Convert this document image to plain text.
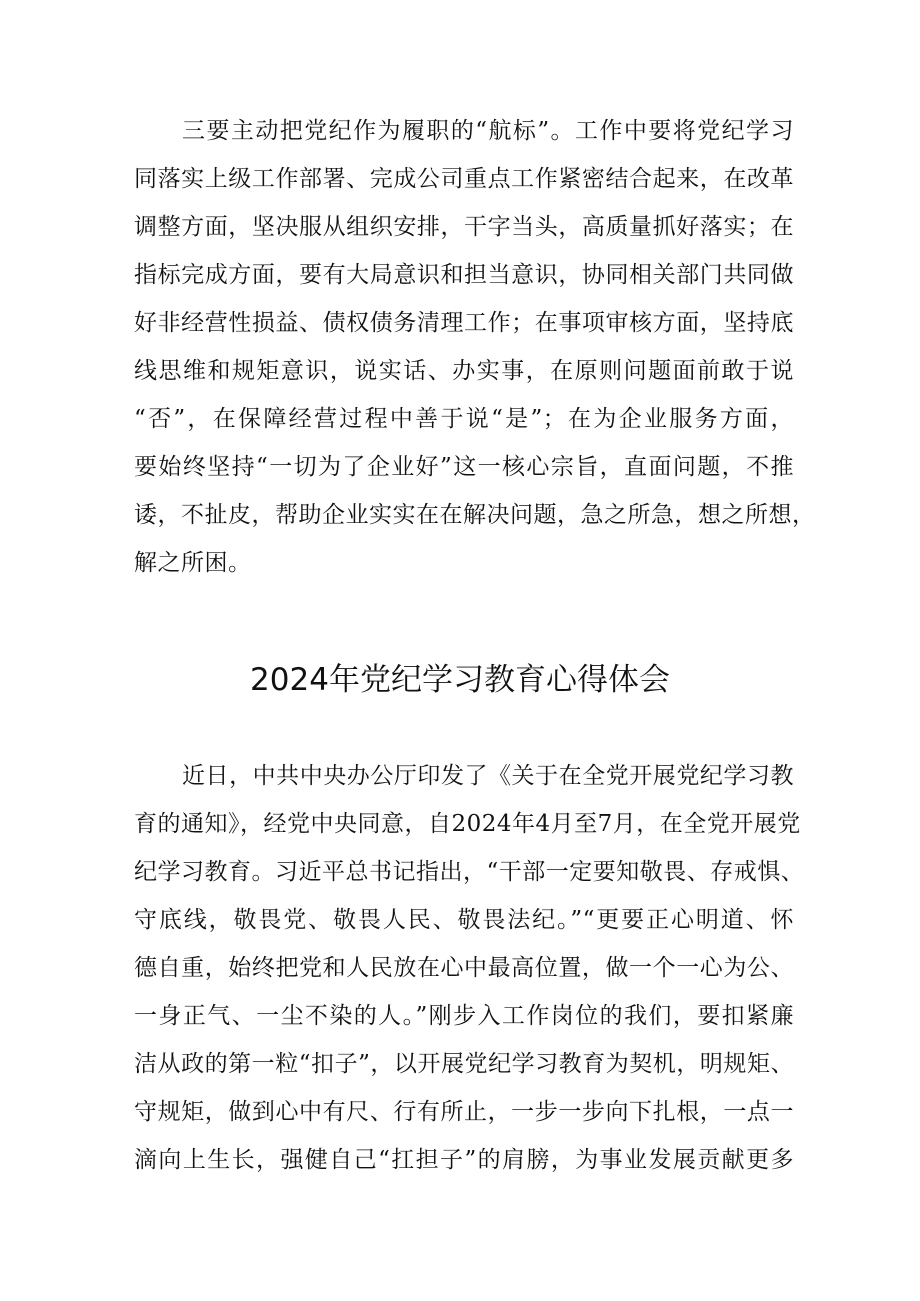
三要主动把党纪作为履职的“航标”。工作中要将党纪学习
同落实上级工作部署、完成公司重点工作紧密结合起来，在改革
调整方面，坚决服从组织安排，干字当头，高质量抓好落实；在
指标完成方面，要有大局意识和担当意识，协同相关部门共同做
好非经营性损益、债权债务清理工作；在事项审核方面，坚持底
线思维和规矩意识，说实话、办实事，在原则问题面前敢于说
“否”，在保障经营过程中善于说“是”；在为企业服务方面，
要始终坚持“一切为了企业好”这一核心宗旨，直面问题，不推
诿，不扯皮，帮助企业实实在在解决问题，急之所急，想之所想，
解之所困。
2024年党纪学习教育心得体会
近日，中共中央办公厅印发了《关于在全党开展党纪学习教
育的通知》，经党中央同意，自2024年4月至7月，在全党开展党
纪学习教育。习近平总书记指出，“干部一定要知敬畏、存戒惧、
守底线，敬畏党、敬畏人民、敬畏法纪。”“更要正心明道、怀
德自重，始终把党和人民放在心中最高位置，做一个一心为公、
一身正气、一尘不染的人。”刚步入工作岗位的我们，要扣紧廉
洁从政的第一粒“扣子”，以开展党纪学习教育为契机，明规矩、
守规矩，做到心中有尺、行有所止，一步一步向下扎根，一点一
滴向上生长，强健自己“扛担子”的肩膀，为事业发展贡献更多
